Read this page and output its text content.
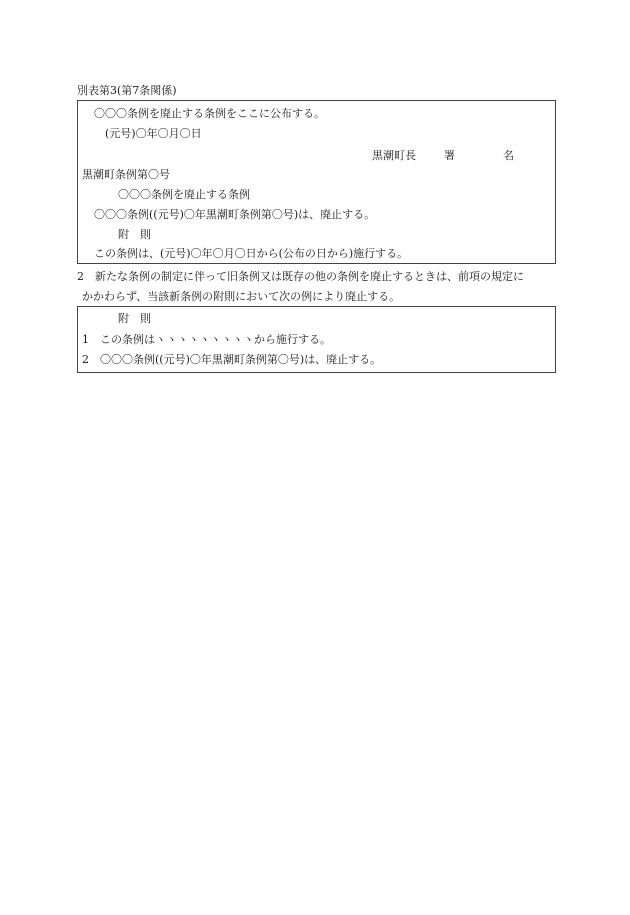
別表第3(第7条関係)
〇〇〇条例を廃止する条例をここに公布する。
(元号)〇年〇月〇日
黒潮町長	署	名
黒潮町条例第〇号
〇〇〇条例を廃止する条例
〇〇〇条例((元号)〇年黒潮町条例第〇号)は、廃止する。
附　則
この条例は、(元号)〇年〇月〇日から(公布の日から)施行する。
2　新たな条例の制定に伴って旧条例又は既存の他の条例を廃止するときは、前項の規定に
かかわらず、当該新条例の附則において次の例により廃止する。
附　則
1　この条例はヽヽヽヽヽヽヽヽヽから施行する。
2　〇〇〇条例((元号)〇年黒潮町条例第〇号)は、廃止する。
